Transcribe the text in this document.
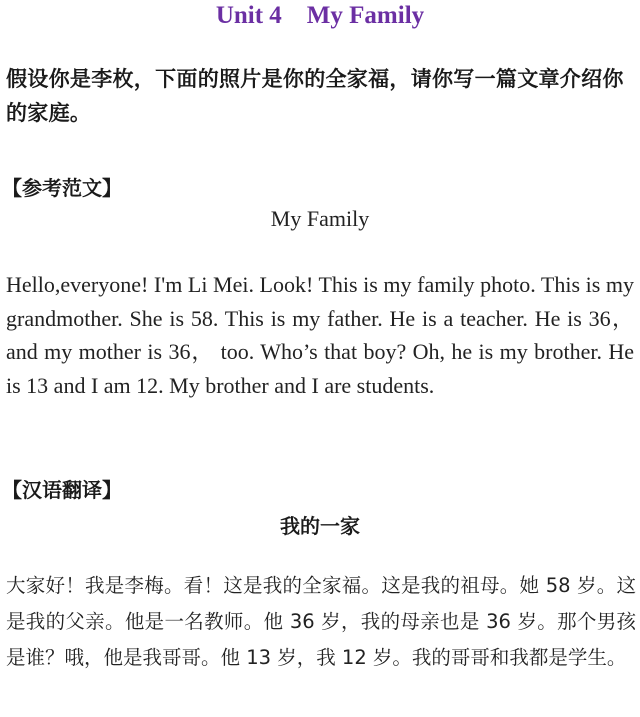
Unit 4    My Family
假设你是李枚，下面的照片是你的全家福，请你写一篇文章介绍你的家庭。
【参考范文】
My Family
Hello,everyone! I'm Li Mei. Look! This is my family photo. This is my grandmother. She is 58. This is my father. He is a teacher. He is 36， and my mother is 36， too. Who’s that boy? Oh, he is my brother. He is 13 and I am 12. My brother and I are students.
【汉语翻译】
我的一家
大家好！我是李梅。看！这是我的全家福。这是我的祖母。她 58 岁。这是我的父亲。他是一名教师。他 36 岁，我的母亲也是 36 岁。那个男孩是谁？哦，他是我哥哥。他 13 岁，我 12 岁。我的哥哥和我都是学生。
